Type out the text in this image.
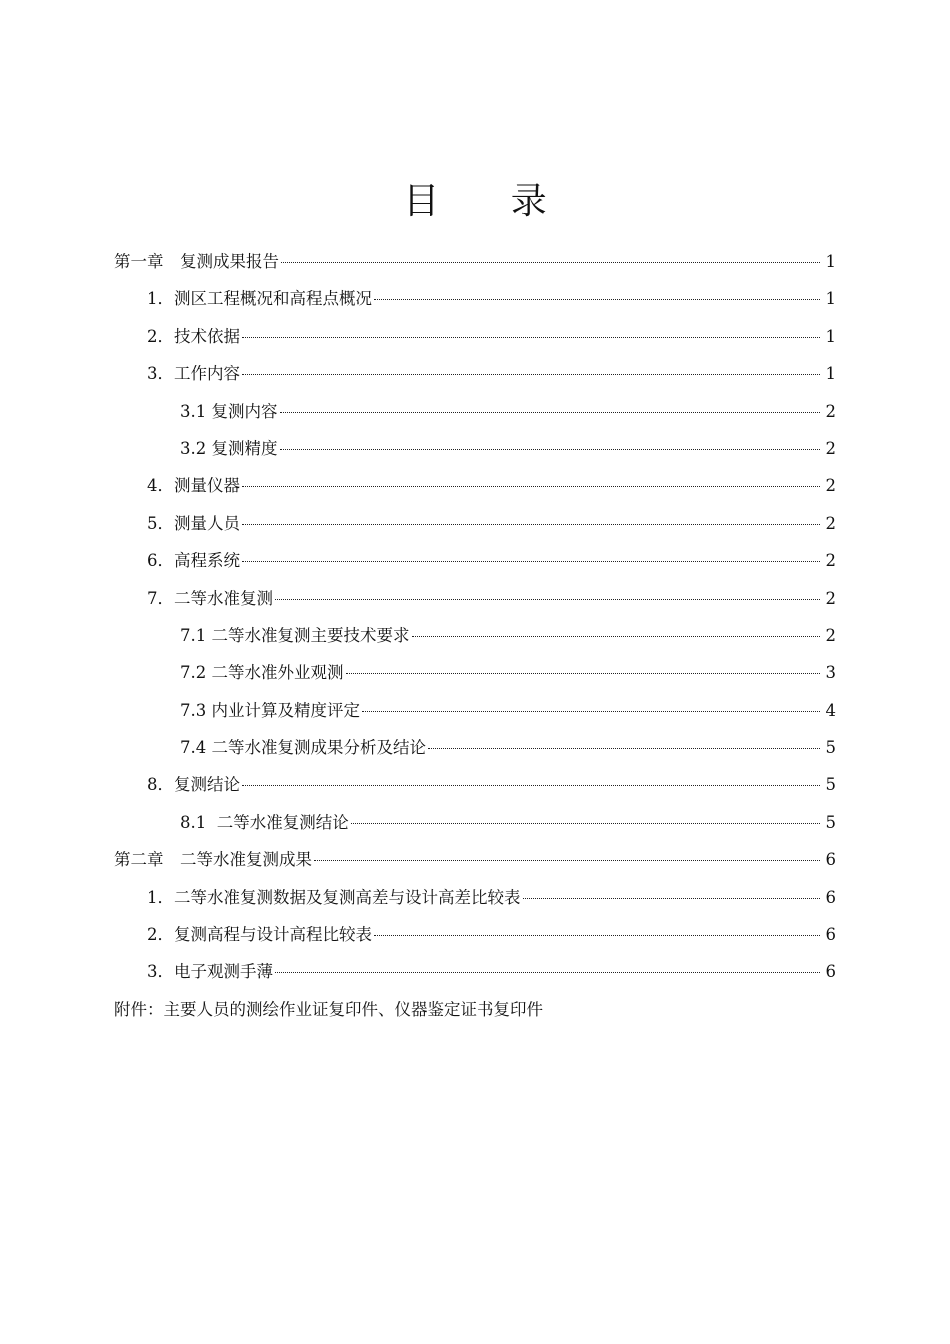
目 录
第一章　复测成果报告	1
1．测区工程概况和高程点概况	1
2．技术依据	1
3．工作内容	1
3.1 复测内容	2
3.2 复测精度	2
4．测量仪器	2
5．测量人员	2
6．高程系统	2
7．二等水准复测	2
7.1 二等水准复测主要技术要求	2
7.2 二等水准外业观测	3
7.3 内业计算及精度评定	4
7.4 二等水准复测成果分析及结论	5
8．复测结论	5
8.1  二等水准复测结论	5
第二章　二等水准复测成果	6
1．二等水准复测数据及复测高差与设计高差比较表	6
2．复测高程与设计高程比较表	6
3．电子观测手薄	6
附件：主要人员的测绘作业证复印件、仪器鉴定证书复印件
